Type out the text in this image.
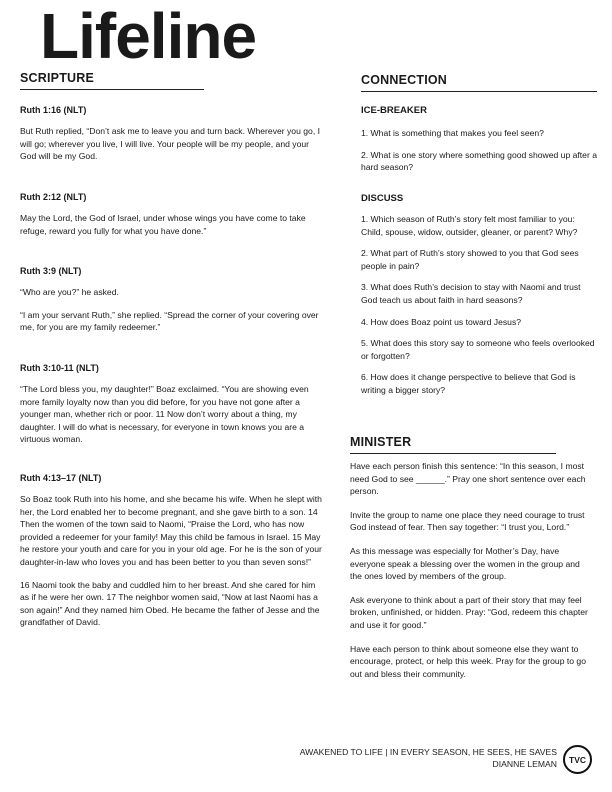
Lifeline
SCRIPTURE
Ruth 1:16 (NLT)

But Ruth replied, “Don’t ask me to leave you and turn back. Wherever you go, I will go; wherever you live, I will live. Your people will be my people, and your God will be my God.

Ruth 2:12 (NLT)

May the Lord, the God of Israel, under whose wings you have come to take refuge, reward you fully for what you have done.”

Ruth 3:9 (NLT)

“Who are you?” he asked.

“I am your servant Ruth,” she replied. “Spread the corner of your covering over me, for you are my family redeemer.”

Ruth 3:10-11 (NLT)

“The Lord bless you, my daughter!” Boaz exclaimed. “You are showing even more family loyalty now than you did before, for you have not gone after a younger man, whether rich or poor. 11 Now don’t worry about a thing, my daughter. I will do what is necessary, for everyone in town knows you are a virtuous woman.

Ruth 4:13–17 (NLT)

So Boaz took Ruth into his home, and she became his wife. When he slept with her, the Lord enabled her to become pregnant, and she gave birth to a son. 14 Then the women of the town said to Naomi, “Praise the Lord, who has now provided a redeemer for your family! May this child be famous in Israel. 15 May he restore your youth and care for you in your old age. For he is the son of your daughter-in-law who loves you and has been better to you than seven sons!”

16 Naomi took the baby and cuddled him to her breast. And she cared for him as if he were her own. 17 The neighbor women said, “Now at last Naomi has a son again!” And they named him Obed. He became the father of Jesse and the grandfather of David.

CONNECTION
ICE-BREAKER

1. What is something that makes you feel seen?

2. What is one story where something good showed up after a hard season?

DISCUSS

1. Which season of Ruth’s story felt most familiar to you: Child, spouse, widow, outsider, gleaner, or parent? Why?

2. What part of Ruth’s story showed to you that God sees people in pain?

3. What does Ruth’s decision to stay with Naomi and trust God teach us about faith in hard seasons?

4. How does Boaz point us toward Jesus?

5. What does this story say to someone who feels overlooked or forgotten?

6. How does it change perspective to believe that God is writing a bigger story?

MINISTER

Have each person finish this sentence: “In this season, I most need God to see ______.” Pray one short sentence over each person.

Invite the group to name one place they need courage to trust God instead of fear. Then say together: “I trust you, Lord.”

As this message was especially for Mother’s Day, have everyone speak a blessing over the women in the group and the ones loved by members of the group.

Ask everyone to think about a part of their story that may feel broken, unfinished, or hidden. Pray: “God, redeem this chapter and use it for good.”

Have each person to think about someone else they want to encourage, protect, or help this week. Pray for the group to go out and bless their community.

AWAKENED TO LIFE | IN EVERY SEASON, HE SEES, HE SAVES
DIANNE LEMAN	TVC
